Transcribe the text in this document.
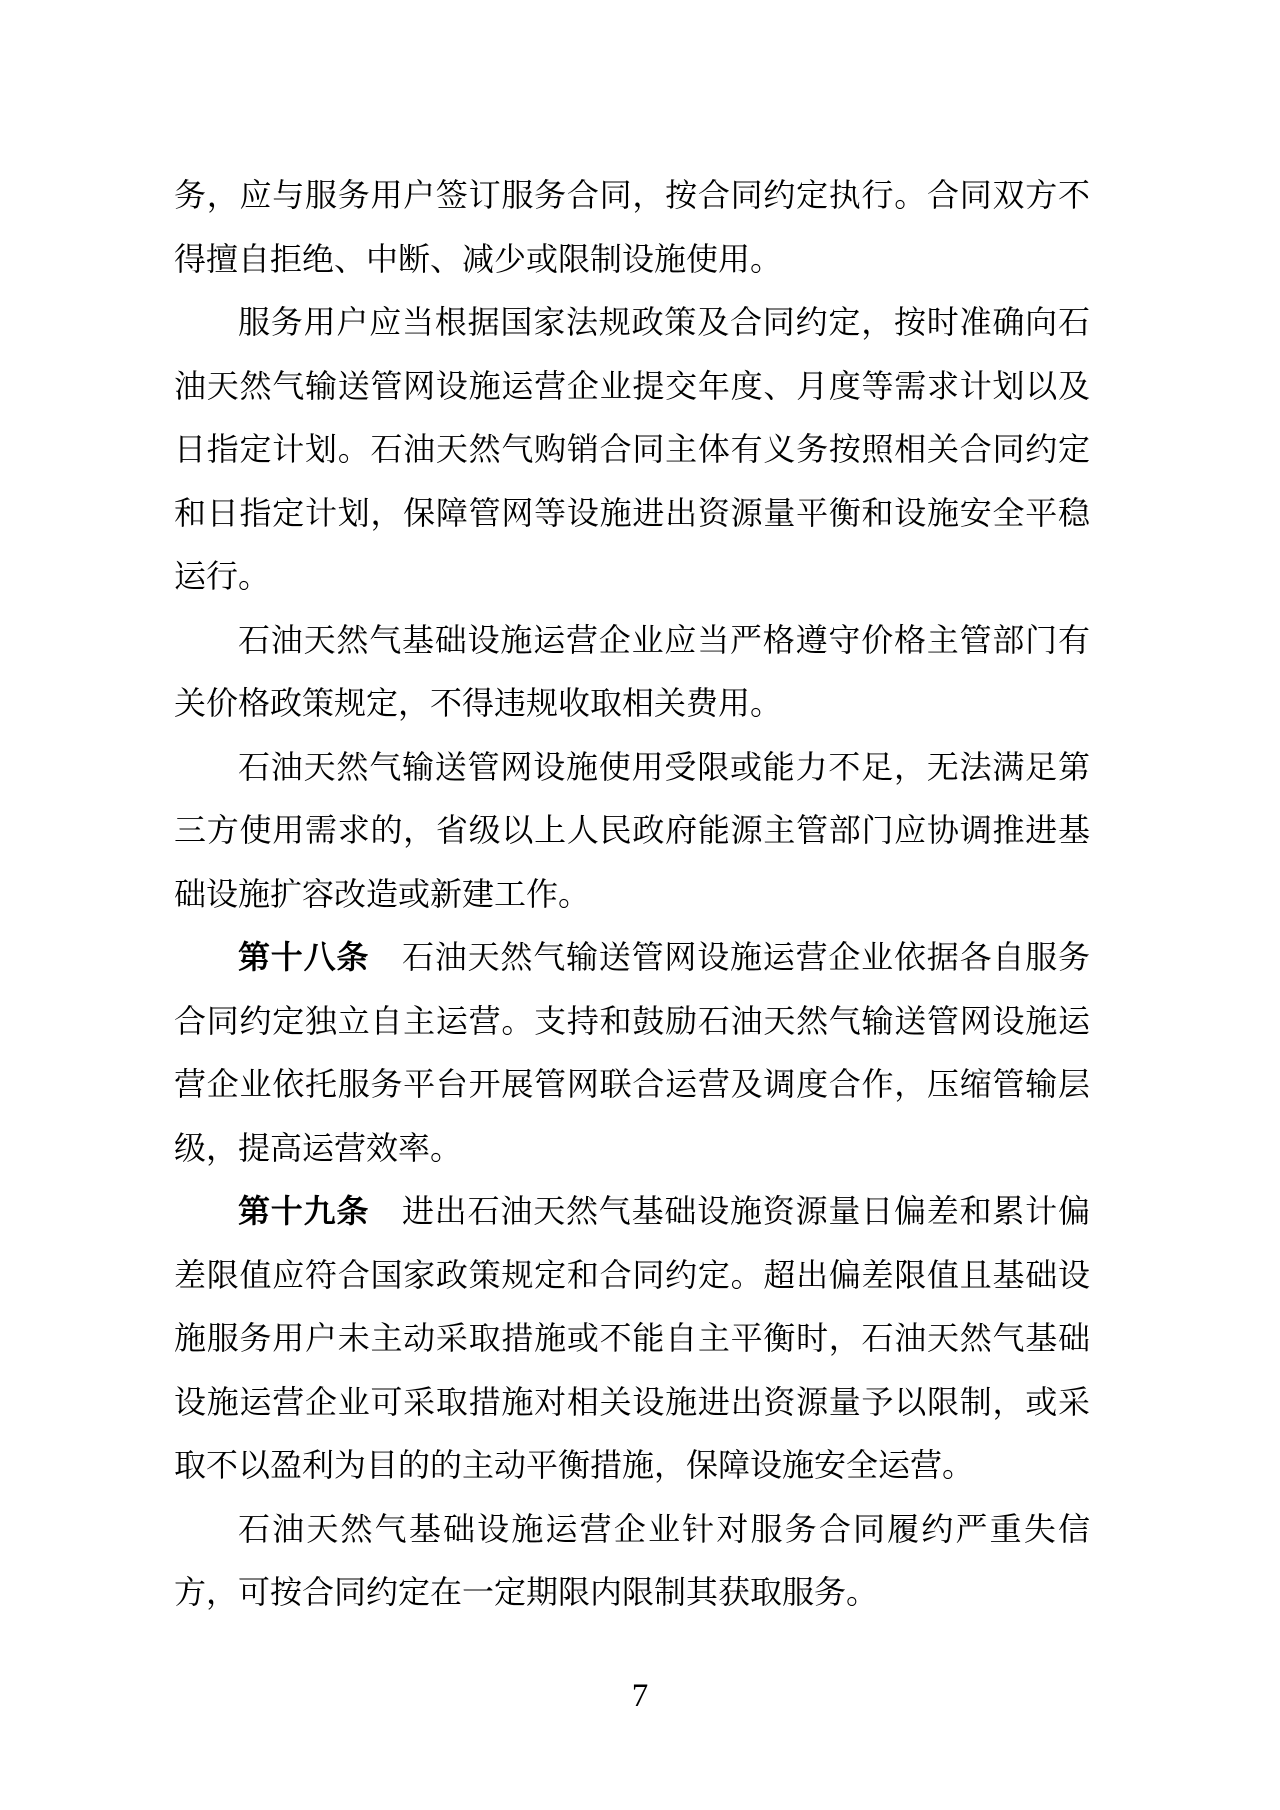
务，应与服务用户签订服务合同，按合同约定执行。合同双方不得擅自拒绝、中断、减少或限制设施使用。

服务用户应当根据国家法规政策及合同约定，按时准确向石油天然气输送管网设施运营企业提交年度、月度等需求计划以及日指定计划。石油天然气购销合同主体有义务按照相关合同约定和日指定计划，保障管网等设施进出资源量平衡和设施安全平稳运行。

石油天然气基础设施运营企业应当严格遵守价格主管部门有关价格政策规定，不得违规收取相关费用。

石油天然气输送管网设施使用受限或能力不足，无法满足第三方使用需求的，省级以上人民政府能源主管部门应协调推进基础设施扩容改造或新建工作。

第十八条　石油天然气输送管网设施运营企业依据各自服务合同约定独立自主运营。支持和鼓励石油天然气输送管网设施运营企业依托服务平台开展管网联合运营及调度合作，压缩管输层级，提高运营效率。

第十九条　进出石油天然气基础设施资源量日偏差和累计偏差限值应符合国家政策规定和合同约定。超出偏差限值且基础设施服务用户未主动采取措施或不能自主平衡时，石油天然气基础设施运营企业可采取措施对相关设施进出资源量予以限制，或采取不以盈利为目的的主动平衡措施，保障设施安全运营。

石油天然气基础设施运营企业针对服务合同履约严重失信方，可按合同约定在一定期限内限制其获取服务。

7
